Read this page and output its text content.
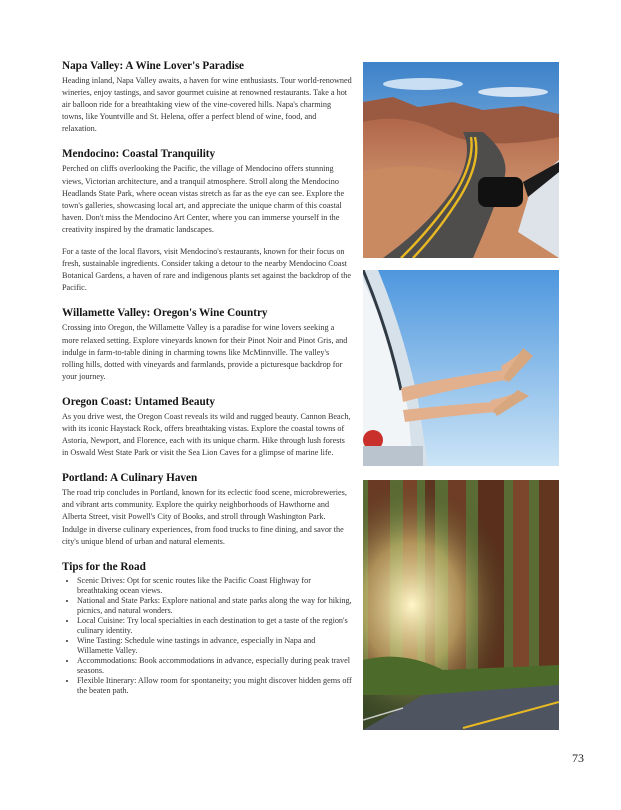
Napa Valley: A Wine Lover's Paradise

Heading inland, Napa Valley awaits, a haven for wine enthusiasts. Tour world-renowned wineries, enjoy tastings, and savor gourmet cuisine at renowned restaurants. Take a hot air balloon ride for a breathtaking view of the vine-covered hills. Napa's charming towns, like Yountville and St. Helena, offer a perfect blend of wine, food, and relaxation.

Mendocino: Coastal Tranquility

Perched on cliffs overlooking the Pacific, the village of Mendocino offers stunning views, Victorian architecture, and a tranquil atmosphere. Stroll along the Mendocino Headlands State Park, where ocean vistas stretch as far as the eye can see. Explore the town's galleries, showcasing local art, and appreciate the unique charm of this coastal haven. Don't miss the Mendocino Art Center, where you can immerse yourself in the creativity inspired by the dramatic landscapes.

For a taste of the local flavors, visit Mendocino's restaurants, known for their focus on fresh, sustainable ingredients. Consider taking a detour to the nearby Mendocino Coast Botanical Gardens, a haven of rare and indigenous plants set against the backdrop of the Pacific.

Willamette Valley: Oregon's Wine Country

Crossing into Oregon, the Willamette Valley is a paradise for wine lovers seeking a more relaxed setting. Explore vineyards known for their Pinot Noir and Pinot Gris, and indulge in farm-to-table dining in charming towns like McMinnville. The valley's rolling hills, dotted with vineyards and farmlands, provide a picturesque backdrop for your journey.

Oregon Coast: Untamed Beauty

As you drive west, the Oregon Coast reveals its wild and rugged beauty. Cannon Beach, with its iconic Haystack Rock, offers breathtaking vistas. Explore the coastal towns of Astoria, Newport, and Florence, each with its unique charm. Hike through lush forests in Oswald West State Park or visit the Sea Lion Caves for a glimpse of marine life.

Portland: A Culinary Haven

The road trip concludes in Portland, known for its eclectic food scene, microbreweries, and vibrant arts community. Explore the quirky neighborhoods of Hawthorne and Alberta Street, visit Powell's City of Books, and stroll through Washington Park. Indulge in diverse culinary experiences, from food trucks to fine dining, and savor the city's unique blend of urban and natural elements.

Tips for the Road
• Scenic Drives: Opt for scenic routes like the Pacific Coast Highway for breathtaking ocean views.
• National and State Parks: Explore national and state parks along the way for hiking, picnics, and natural wonders.
• Local Cuisine: Try local specialties in each destination to get a taste of the region's culinary identity.
• Wine Tasting: Schedule wine tastings in advance, especially in Napa and Willamette Valley.
• Accommodations: Book accommodations in advance, especially during peak travel seasons.
• Flexible Itinerary: Allow room for spontaneity; you might discover hidden gems off the beaten path.
73
